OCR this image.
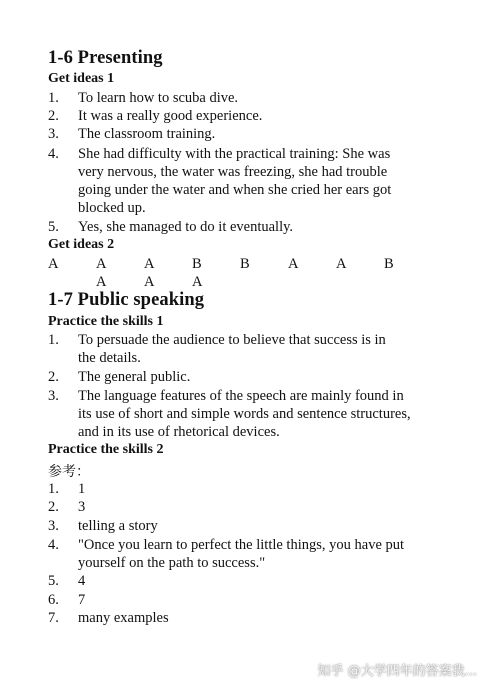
1-6 Presenting
Get ideas 1
1. To learn how to scuba dive.
2. It was a really good experience.
3. The classroom training.
4. She had difficulty with the practical training: She was
very nervous, the water was freezing, she had trouble
going under the water and when she cried her ears got
blocked up.
5. Yes, she managed to do it eventually.
Get ideas 2
A	A	A	B	B	A	A	B
A	A	A
1-7 Public speaking
Practice the skills 1
1. To persuade the audience to believe that success is in
the details.
2. The general public.
3. The language features of the speech are mainly found in
its use of short and simple words and sentence structures,
and in its use of rhetorical devices.
Practice the skills 2
参考：
1. 1
2. 3
3. telling a story
4. "Once you learn to perfect the little things, you have put
yourself on the path to success."
5. 4
6. 7
7. many examples
知乎 @大学四年的答案我...
